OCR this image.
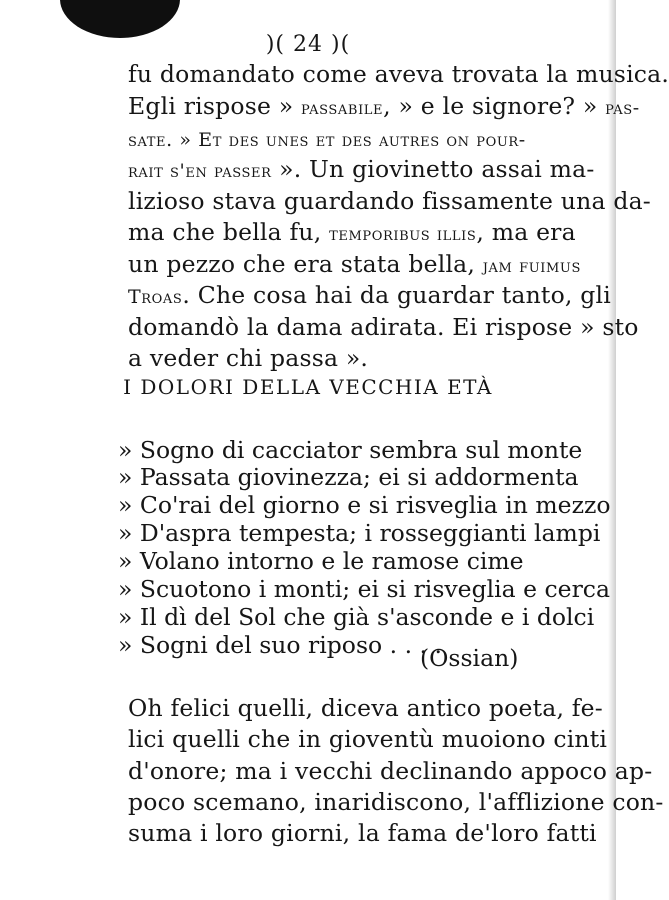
)( 24 )(
fu domandato come aveva trovata la musica.
Egli rispose » passabile, » e le signore? » pas-
sate. » Et des unes et des autres on pour-
rait s'en passer ». Un giovinetto assai ma-
lizioso stava guardando fissamente una da-
ma che bella fu, temporibus illis, ma era
un pezzo che era stata bella, jam fuimus
Troas. Che cosa hai da guardar tanto, gli
domandò la dama adirata. Ei rispose » sto
a veder chi passa ».
I DOLORI DELLA VECCHIA ETÀ
» Sogno di cacciator sembra sul monte
» Passata giovinezza; ei si addormenta
» Co'rai del giorno e si risveglia in mezzo
» D'aspra tempesta; i rosseggianti lampi
» Volano intorno e le ramose cime
» Scuotono i monti; ei si risveglia e cerca
» Il dì del Sol che già s'asconde e i dolci
» Sogni del suo riposo . . . .
(Ossian)
Oh felici quelli, diceva antico poeta, fe-
lici quelli che in gioventù muoiono cinti
d'onore; ma i vecchi declinando appoco ap-
poco scemano, inaridiscono, l'afflizione con-
suma i loro giorni, la fama de'loro fatti
